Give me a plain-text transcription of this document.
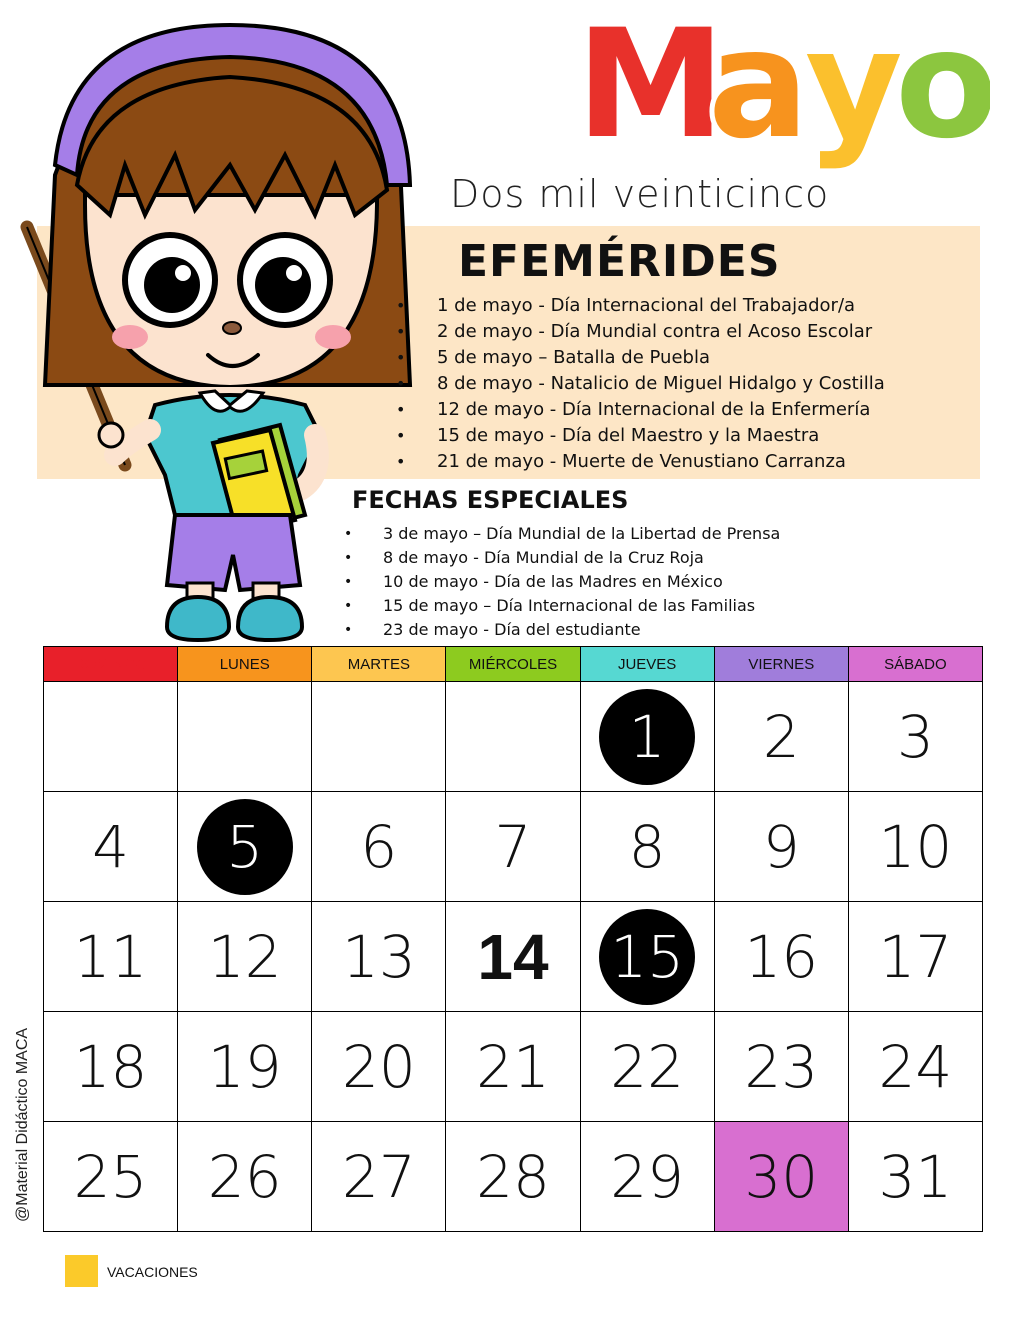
M
a
y
o
Dos mil veinticinco
EFEMÉRIDES
• 1 de mayo - Día Internacional del Trabajador/a
• 2 de mayo - Día Mundial contra el Acoso Escolar
• 5 de mayo – Batalla de Puebla
• 8 de mayo - Natalicio de Miguel Hidalgo y Costilla
• 12 de mayo - Día Internacional de la Enfermería
• 15 de mayo - Día del Maestro y la Maestra
• 21 de mayo - Muerte de Venustiano Carranza
FECHAS ESPECIALES
• 3 de mayo – Día Mundial de la Libertad de Prensa
• 8 de mayo - Día Mundial de la Cruz Roja
• 10 de mayo - Día de las Madres en México
• 15 de mayo – Día Internacional de las Familias
• 23 de mayo - Día del estudiante
DOMINGO	LUNES	MARTES	MIÉRCOLES	JUEVES	VIERNES	SÁBADO
				1	2	3
4	5	6	7	8	9	10
11	12	13	14	15	16	17
18	19	20	21	22	23	24
25	26	27	28	29	30	31
@Material Didáctico MACA
VACACIONES
